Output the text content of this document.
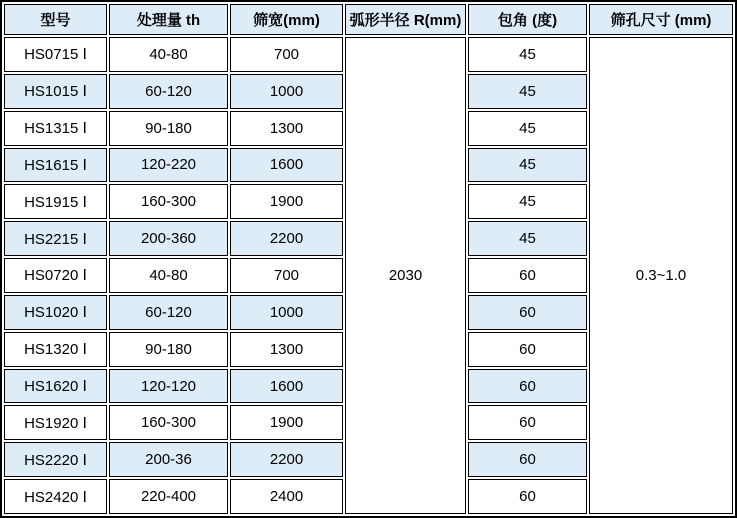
型号	处理量 th	筛宽(mm)	弧形半径 R(mm)	包角 (度)	筛孔尺寸 (mm)
HS0715 Ⅰ	40-80	700	2030	45	0.3~1.0
HS1015 Ⅰ	60-120	1000		45	
HS1315 Ⅰ	90-180	1300		45	
HS1615 Ⅰ	120-220	1600		45	
HS1915 Ⅰ	160-300	1900		45	
HS2215 Ⅰ	200-360	2200		45	
HS0720 Ⅰ	40-80	700		60	
HS1020 Ⅰ	60-120	1000		60	
HS1320 Ⅰ	90-180	1300		60	
HS1620 Ⅰ	120-120	1600		60	
HS1920 Ⅰ	160-300	1900		60	
HS2220 Ⅰ	200-36	2200		60	
HS2420 Ⅰ	220-400	2400		60	
